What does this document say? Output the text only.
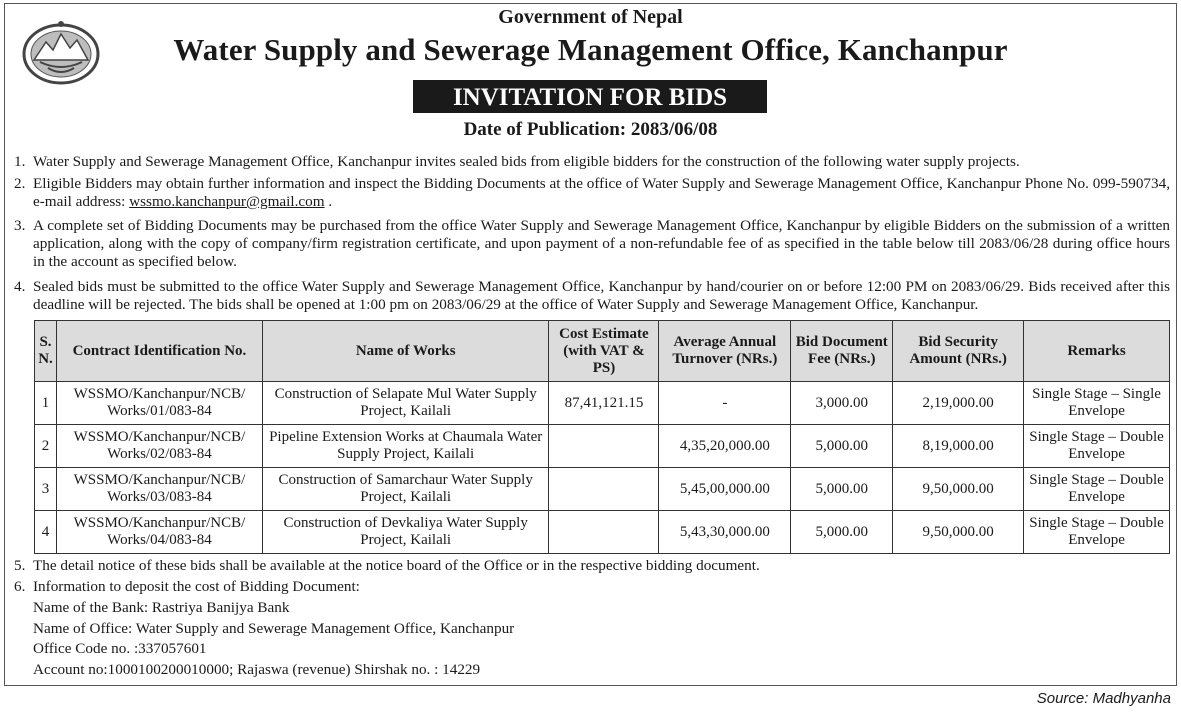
Government of Nepal
Water Supply and Sewerage Management Office, Kanchanpur
INVITATION FOR BIDS
Date of Publication: 2083/06/08
1. Water Supply and Sewerage Management Office, Kanchanpur invites sealed bids from eligible bidders for the construction of the following water supply projects.
2. Eligible Bidders may obtain further information and inspect the Bidding Documents at the office of Water Supply and Sewerage Management Office, Kanchanpur Phone No. 099-590734, e-mail address: wssmo.kanchanpur@gmail.com .
3. A complete set of Bidding Documents may be purchased from the office Water Supply and Sewerage Management Office, Kanchanpur by eligible Bidders on the submission of a written application, along with the copy of company/firm registration certificate, and upon payment of a non-refundable fee of as specified in the table below till 2083/06/28 during office hours in the account as specified below.
4. Sealed bids must be submitted to the office Water Supply and Sewerage Management Office, Kanchanpur by hand/courier on or before 12:00 PM on 2083/06/29. Bids received after this deadline will be rejected. The bids shall be opened at 1:00 pm on 2083/06/29 at the office of Water Supply and Sewerage Management Office, Kanchanpur.
S. N.	Contract Identification No.	Name of Works	Cost Estimate (with VAT & PS)	Average Annual Turnover (NRs.)	Bid Document Fee (NRs.)	Bid Security Amount (NRs.)	Remarks
1	WSSMO/Kanchanpur/NCB/ Works/01/083-84	Construction of Selapate Mul Water Supply Project, Kailali	87,41,121.15	-	3,000.00	2,19,000.00	Single Stage – Single Envelope
2	WSSMO/Kanchanpur/NCB/ Works/02/083-84	Pipeline Extension Works at Chaumala Water Supply Project, Kailali		4,35,20,000.00	5,000.00	8,19,000.00	Single Stage – Double Envelope
3	WSSMO/Kanchanpur/NCB/ Works/03/083-84	Construction of Samarchaur Water Supply Project, Kailali		5,45,00,000.00	5,000.00	9,50,000.00	Single Stage – Double Envelope
4	WSSMO/Kanchanpur/NCB/ Works/04/083-84	Construction of Devkaliya Water Supply Project, Kailali		5,43,30,000.00	5,000.00	9,50,000.00	Single Stage – Double Envelope
5. The detail notice of these bids shall be available at the notice board of the Office or in the respective bidding document.
6. Information to deposit the cost of Bidding Document:
Name of the Bank: Rastriya Banijya Bank
Name of Office: Water Supply and Sewerage Management Office, Kanchanpur
Office Code no. :337057601
Account no:1000100200010000; Rajaswa (revenue) Shirshak no. : 14229
Source: Madhyanha
